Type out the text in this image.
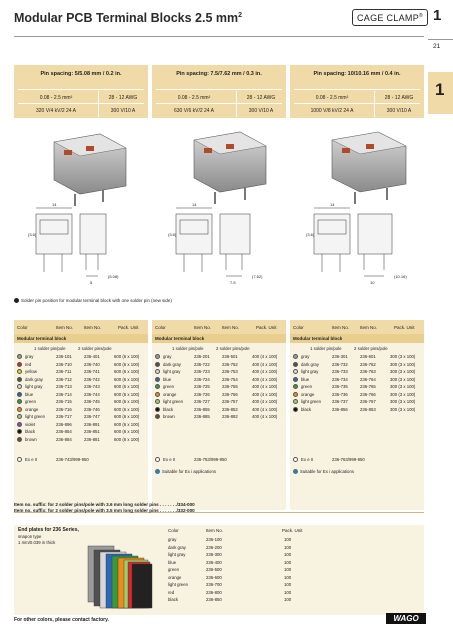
Modular PCB Terminal Blocks 2.5 $mm^2$	CAGE CLAMP® 1
21
1
Pin spacing: 5/5.08 mm / 0.2 in.
0.08 - 2.5 mm²	28 - 12 AWG
320 V/4 kV/2 24 A	300 V/10 A
Pin spacing: 7.5/7.62 mm / 0.3 in.
0.08 - 2.5 mm²	28 - 12 AWG
630 V/6 kV/2 24 A	300 V/10 A
Pin spacing: 10/10.16 mm / 0.4 in.
0.08 - 2.5 mm²	28 - 12 AWG
1000 V/8 kV/2 24 A	300 V/10 A
14
(3.6)
5
(5.08)
14
(3.6)
7.5
(7.62)
14
(3.6)
10
(10.16)
Solder pin position for modular terminal block with one solder pin (new side)
Color	Item No. Item No.	Pack. Unit
Modular terminal block
1 solder pin/pole	2 solder pins/pole
gray	236-101	236-401	600 (6 x 100)
red	236-710	236-740	600 (6 x 100)
yellow	236-711	236-741	600 (6 x 100)
dark gray	236-712	236-742	600 (6 x 100)
light gray	236-713	236-743	600 (6 x 100)
blue	236-714	236-744	600 (6 x 100)
green	236-715	236-745	600 (6 x 100)
orange	236-716	236-746	600 (6 x 100)
light green	236-717	236-747	600 (6 x 100)
violet	236-896	236-891	600 (6 x 100)
black	236-854	236-851	600 (6 x 100)
brown	236-884	236-881	600 (6 x 100)
Ex e II	236-743/999-950
Color	Item No. Item No.	Pack. Unit
Modular terminal block
1 solder pin/pole	2 solder pins/pole
gray	236-201	236-501	400 (4 x 100)
dark gray	236-722	236-752	400 (4 x 100)
light gray	236-723	236-753	400 (4 x 100)
blue	236-724	236-754	400 (4 x 100)
green	236-725	236-755	400 (4 x 100)
orange	236-726	236-756	400 (4 x 100)
light green	236-727	236-757	400 (4 x 100)
black	236-855	236-852	400 (4 x 100)
brown	236-885	236-882	400 (4 x 100)
Ex e II	236-753/999-950
Suitable for Ex i applications
Color	Item No. Item No.	Pack. Unit
Modular terminal block
1 solder pin/pole	2 solder pins/pole
gray	236-301	236-601	300 (3 x 100)
dark gray	236-732	236-762	300 (3 x 100)
light gray	236-733	236-763	300 (3 x 100)
blue	236-734	236-764	300 (3 x 100)
green	236-735	236-765	300 (3 x 100)
orange	236-736	236-766	300 (3 x 100)
light green	236-737	236-767	300 (3 x 100)
black	236-856	236-853	300 (3 x 100)
Ex e II	236-763/999-950
Suitable for Ex i applications
Item no. suffix: for 2 solder pins/pole with 3.6 mm long solder pins . . . . . . ./334-000
Item no. suffix: for 2 solder pins/pole with 3.5 mm long solder pins . . . . . . ./332-000
End plates for 236 Series,
snapon type
1 mm/0.039 in thick
Color	Item No.	Pack. Unit
gray	236-100	100
dark gray	236-200	100
light gray	236-300	100
blue	236-400	100
green	236-500	100
orange	236-600	100
light green	236-700	100
red	236-800	100
black	236-850	100
For other colors, please contact factory.	WAGO
